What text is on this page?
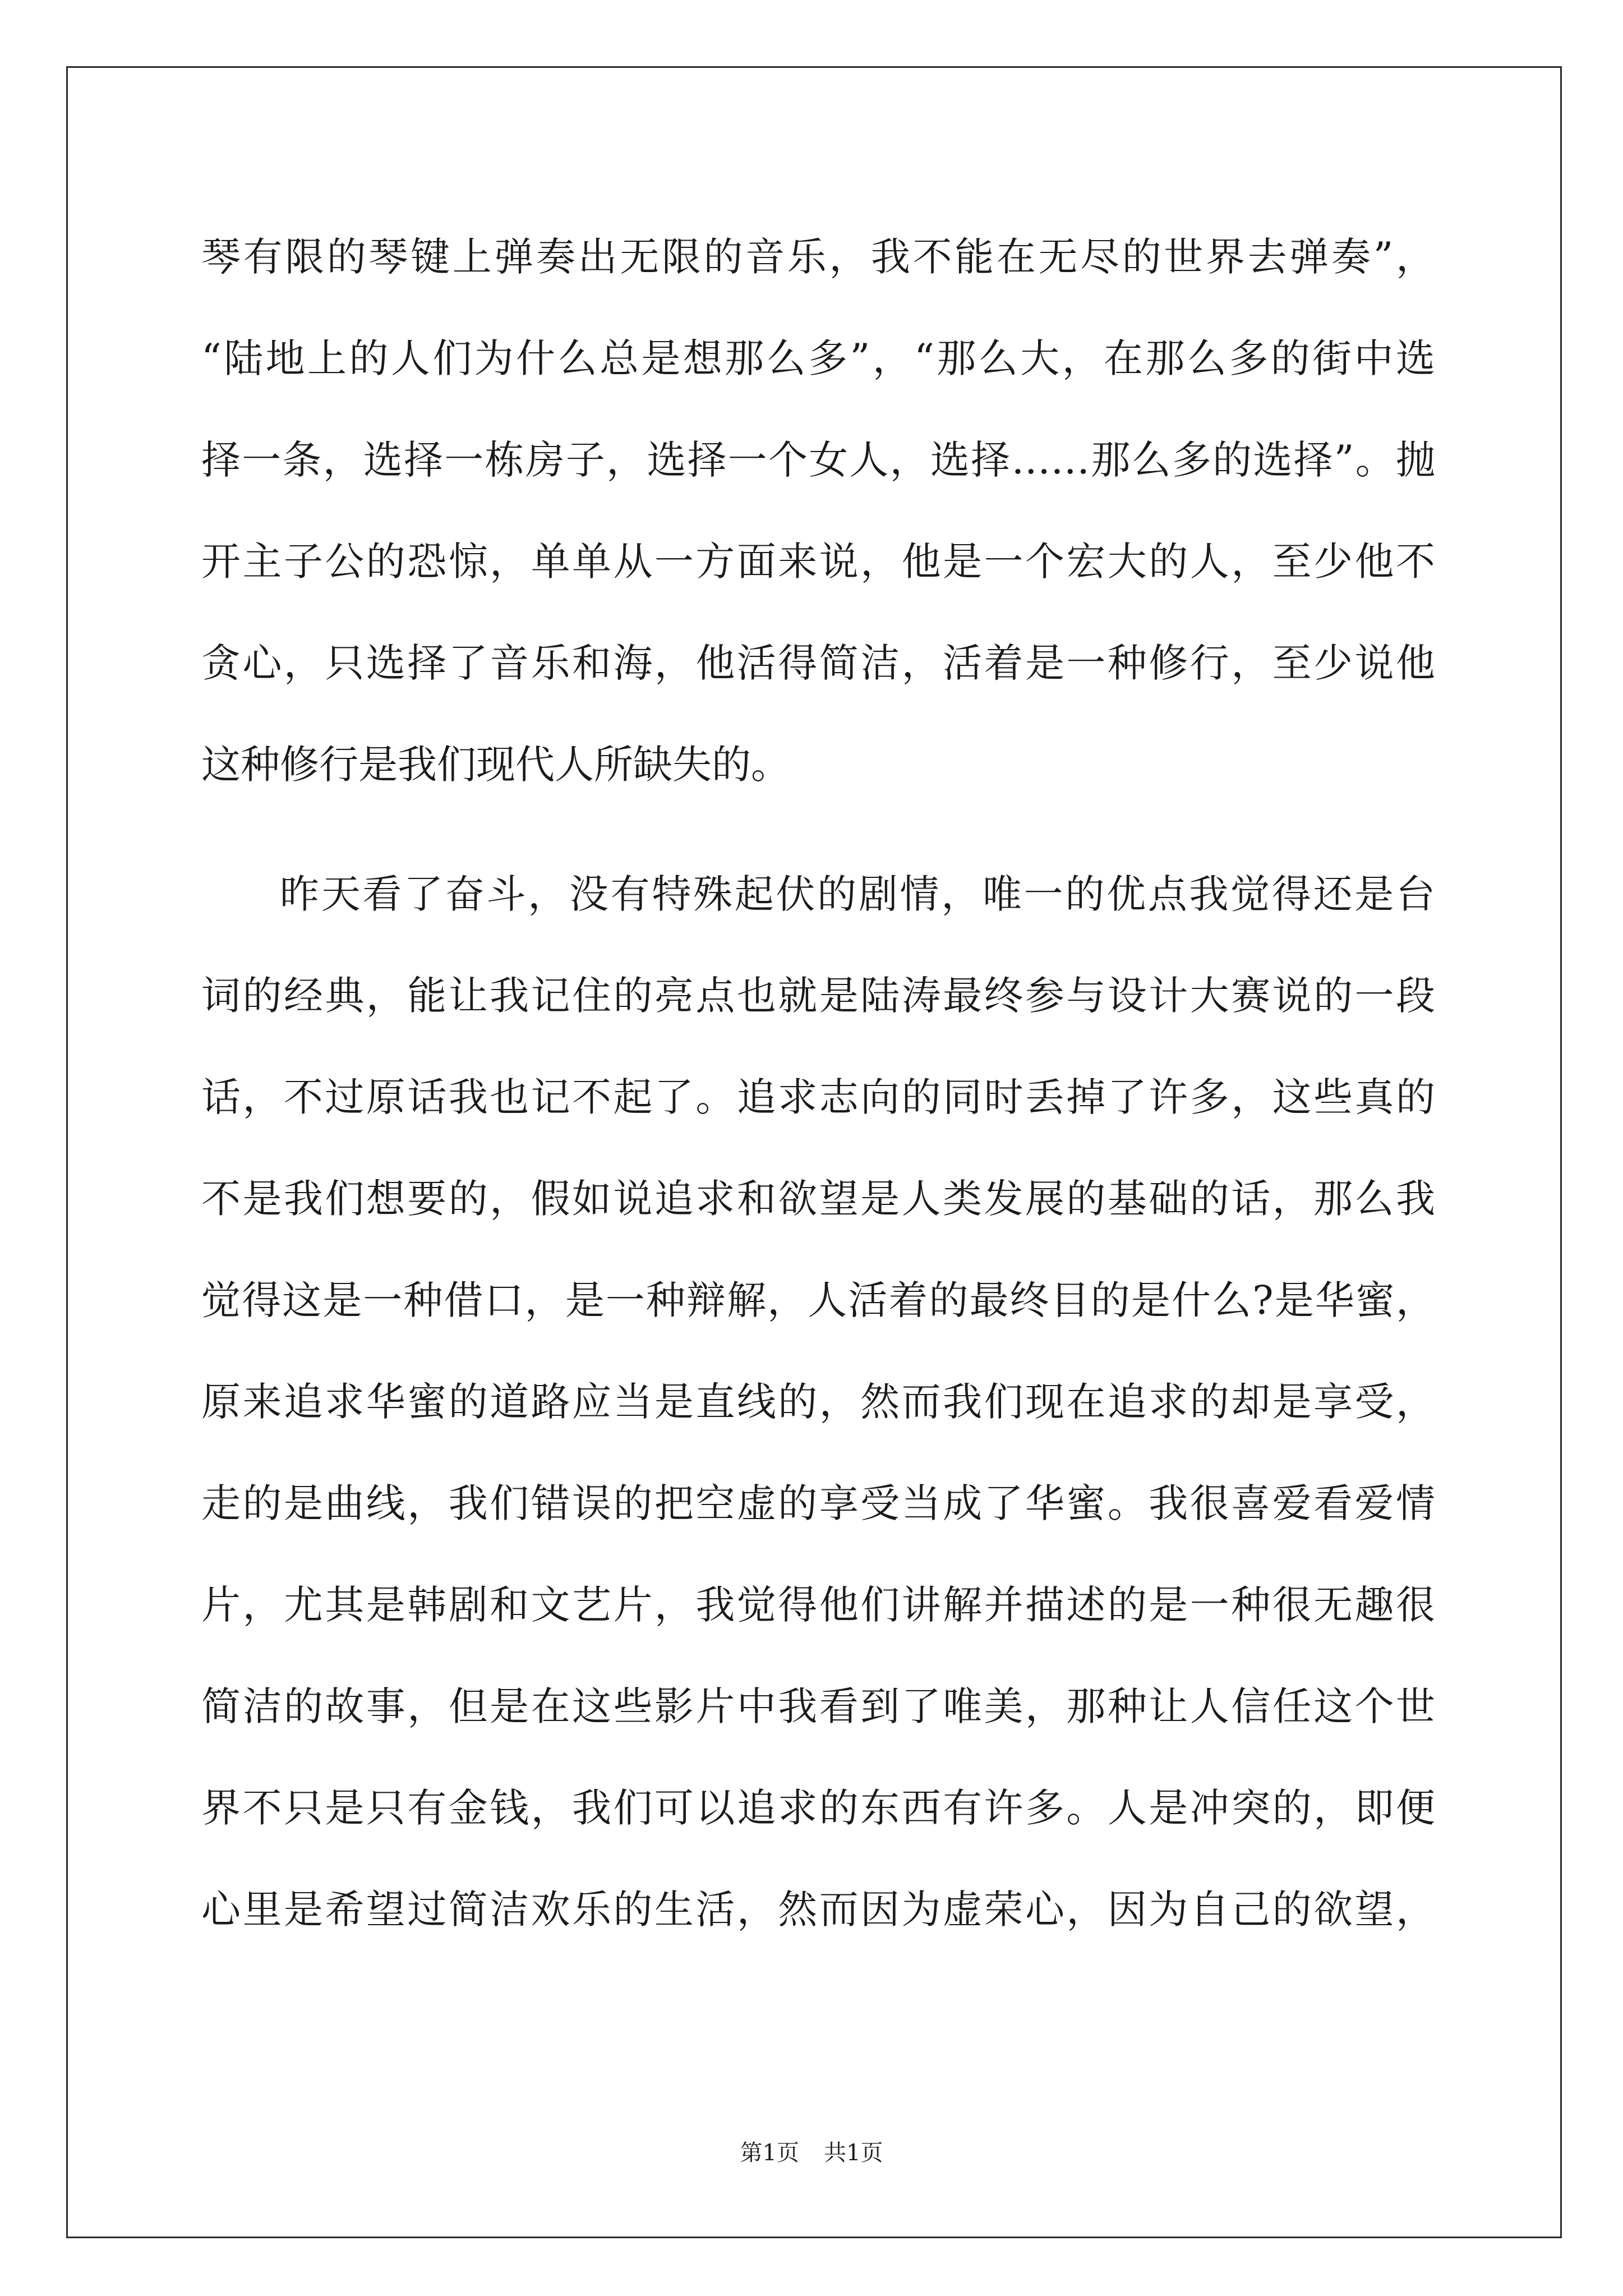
琴有限的琴键上弹奏出无限的音乐，我不能在无尽的世界去弹奏”，
“陆地上的人们为什么总是想那么多”，“那么大，在那么多的街中选
择一条，选择一栋房子，选择一个女人，选择……那么多的选择”。抛
开主子公的恐惊，单单从一方面来说，他是一个宏大的人，至少他不
贪心，只选择了音乐和海，他活得简洁，活着是一种修行，至少说他
这种修行是我们现代人所缺失的。
昨天看了奋斗，没有特殊起伏的剧情，唯一的优点我觉得还是台
词的经典，能让我记住的亮点也就是陆涛最终参与设计大赛说的一段
话，不过原话我也记不起了。追求志向的同时丢掉了许多，这些真的
不是我们想要的，假如说追求和欲望是人类发展的基础的话，那么我
觉得这是一种借口，是一种辩解，人活着的最终目的是什么?是华蜜，
原来追求华蜜的道路应当是直线的，然而我们现在追求的却是享受，
走的是曲线，我们错误的把空虚的享受当成了华蜜。我很喜爱看爱情
片，尤其是韩剧和文艺片，我觉得他们讲解并描述的是一种很无趣很
简洁的故事，但是在这些影片中我看到了唯美，那种让人信任这个世
界不只是只有金钱，我们可以追求的东西有许多。人是冲突的，即便
心里是希望过简洁欢乐的生活，然而因为虚荣心，因为自己的欲望，
第1页 共1页
